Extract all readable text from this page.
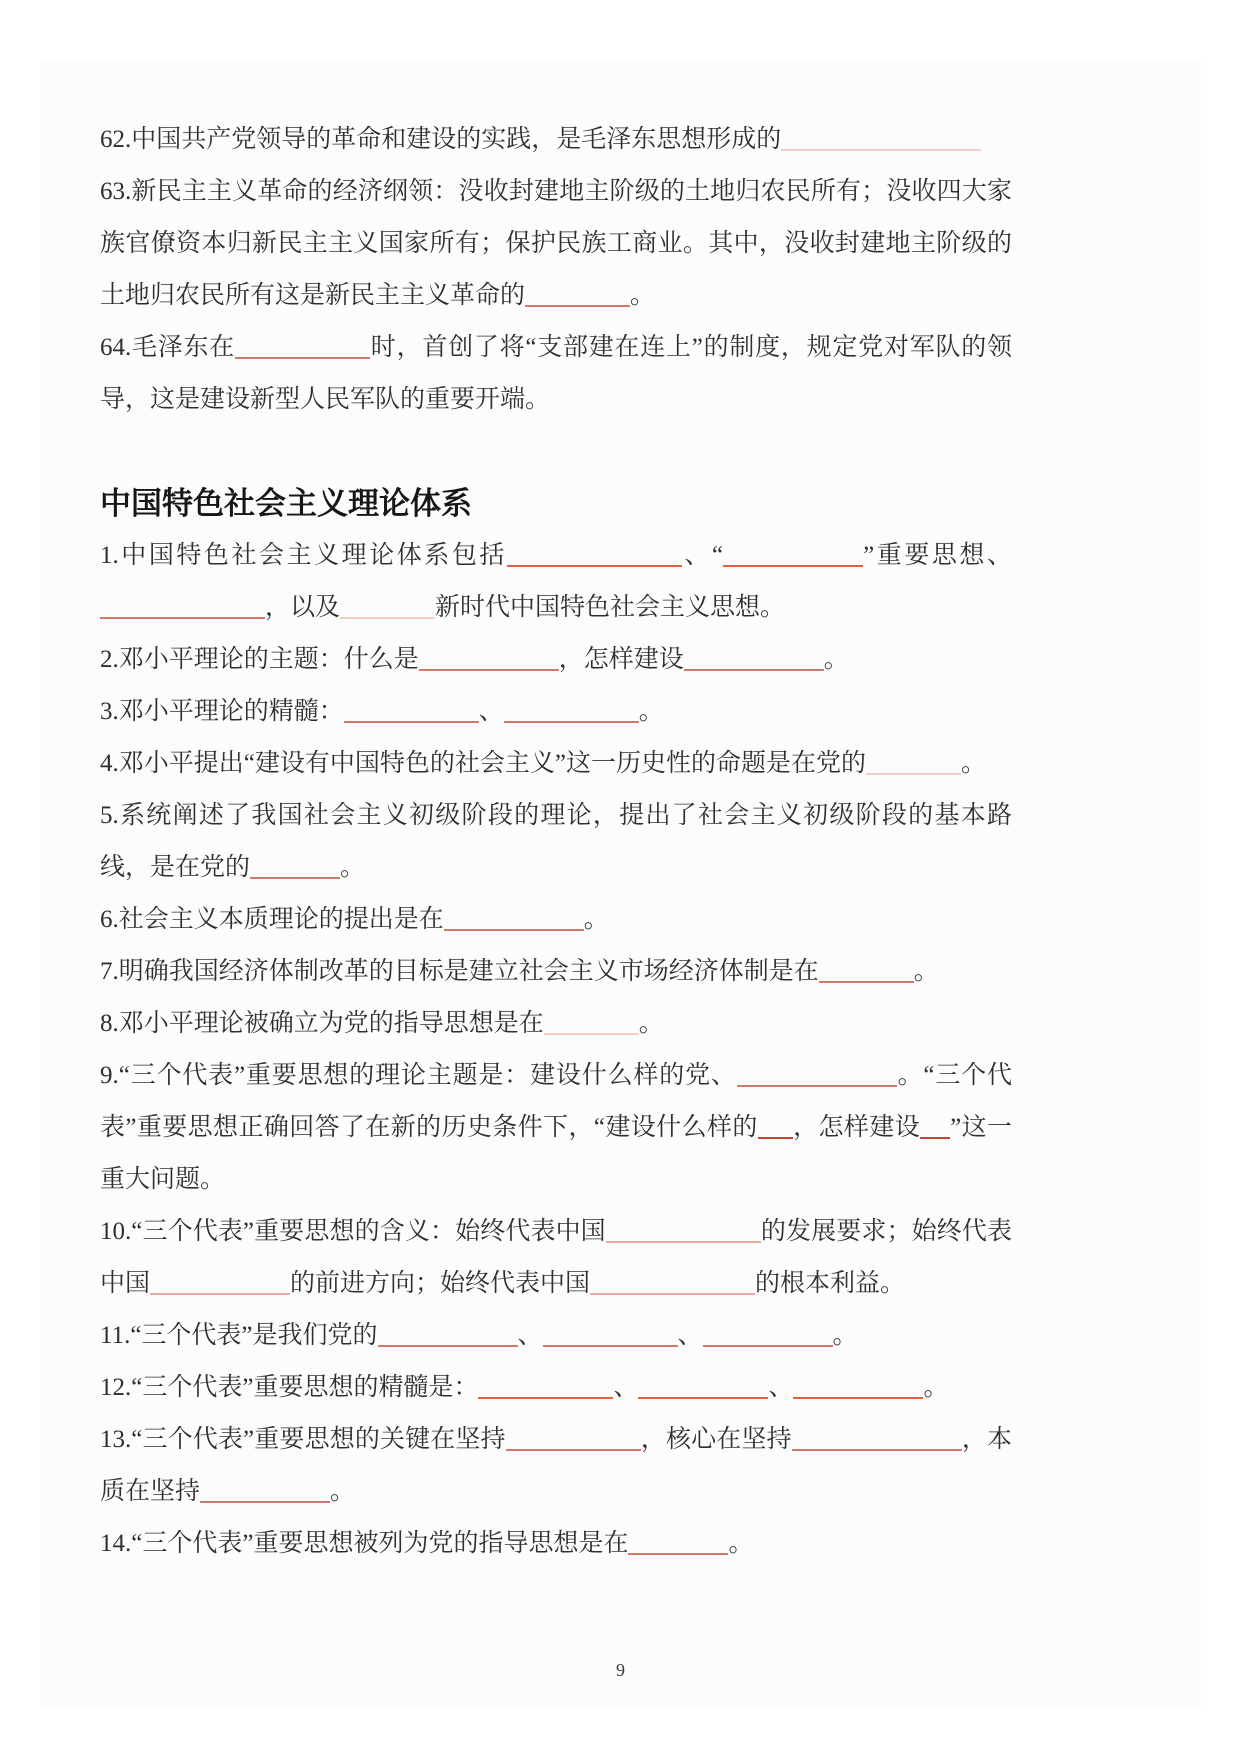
62.中国共产党领导的革命和建设的实践，是毛泽东思想形成的

63.新民主主义革命的经济纲领：没收封建地主阶级的土地归农民所有；没收四大家族官僚资本归新民主主义国家所有；保护民族工商业。其中，没收封建地主阶级的土地归农民所有这是新民主主义革命的	。

64.毛泽东在	时，首创了将“支部建在连上”的制度，规定党对军队的领导，这是建设新型人民军队的重要开端。

中国特色社会主义理论体系

1.中国特色社会主义理论体系包括	、“	”重要思想、，以及	新时代中国特色社会主义思想。

2.邓小平理论的主题：什么是	，怎样建设	。

3.邓小平理论的精髓：	、	。

4.邓小平提出“建设有中国特色的社会主义”这一历史性的命题是在党的	。

5.系统阐述了我国社会主义初级阶段的理论，提出了社会主义初级阶段的基本路线，是在党的	。

6.社会主义本质理论的提出是在	。

7.明确我国经济体制改革的目标是建立社会主义市场经济体制是在	。

8.邓小平理论被确立为党的指导思想是在	。

9.“三个代表”重要思想的理论主题是：建设什么样的党、	。“三个代表”重要思想正确回答了在新的历史条件下，“建设什么样的 ，怎样建设 ”这一重大问题。

10.“三个代表”重要思想的含义：始终代表中国	的发展要求；始终代表中国	的前进方向；始终代表中国	的根本利益。

11.“三个代表”是我们党的	、	、	。

12.“三个代表”重要思想的精髓是：	、	、	。

13.“三个代表”重要思想的关键在坚持	，核心在坚持	，本质在坚持	。

14.“三个代表”重要思想被列为党的指导思想是在	。

9
